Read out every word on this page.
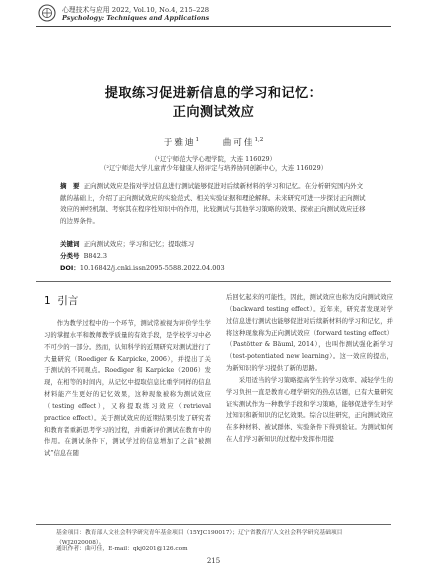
心理技术与应用 2022, Vol.10, No.4, 215–228
Psychology: Techniques and Applications
提取练习促进新信息的学习和记忆：
正向测试效应
于雅迪$^1$	曲可佳$^{1,2}$
（¹辽宁师范大学心理学院，大连 116029）
（²辽宁师范大学儿童青少年健康人格评定与培养协同创新中心，大连 116029）
摘　要 正向测试效应是指对学过信息进行测试能够促进对后续新材料的学习和记忆。在分析研究国内外文献的基础上，介绍了正向测试效应的实验范式、相关实验证据和理论解释。未来研究可进一步探讨正向测试效应的神经机制、考察其在程序性知识中的作用，比较测试与其他学习策略的效果、探索正向测试效应迁移的边界条件。
关键词 正向测试效应；学习和记忆；提取练习
分类号 B842.3
DOI：10.16842/j.cnki.issn2095-5588.2022.04.003
1 引言

作为教学过程中的一个环节，测试常被视为评价学生学习的掌握水平和教师教学质量的有效手段，是学校学习中必不可少的一部分。然而，认知科学的近期研究对测试进行了大量研究（Roediger & Karpicke, 2006），并提出了关于测试的不同观点。Roediger 和 Karpicke（2006）发现，在相等的时间内，从记忆中提取信息比重学同样的信息材料能产生更好的记忆效果，这种现象被称为测试效应（testing effect），又称提取练习效应（retrieval practice effect）。关于测试效应的近期结果引发了研究者和教育者重新思考学习的过程，并重新评价测试在教育中的作用。在测试条件下，测试学过的信息增加了之前“被测试”信息在随

后回忆起来的可能性，因此，测试效应也称为反向测试效应（backward testing effect）。近年来，研究者发现对学过信息进行测试也能够促进对后续新材料的学习和记忆，并将这种现象称为正向测试效应（forward testing effect）（Pastötter & Bäuml, 2014），也叫作测试强化新学习（test-potentiated new learning）。这一效应的提出，为新知识的学习提供了新的思路。

采用适当的学习策略提高学生的学习效率、减轻学生的学习负担一直是教育心理学研究的热点话题，已有大量研究证实测试作为一种教学手段和学习策略，能够促进学生对学过知识和新知识的记忆效果。综合以往研究，正向测试效应在多种材料、被试群体、实验条件下得到验证。为测试如何在人们学习新知识的过程中发挥作用提

基金项目：教育部人文社会科学研究青年基金项目（15YJC190017）；辽宁省教育厅人文社会科学研究基础项目（WJ2020008）。
通讯作者：曲可佳，E-mail：qkj0201@126.com
215
